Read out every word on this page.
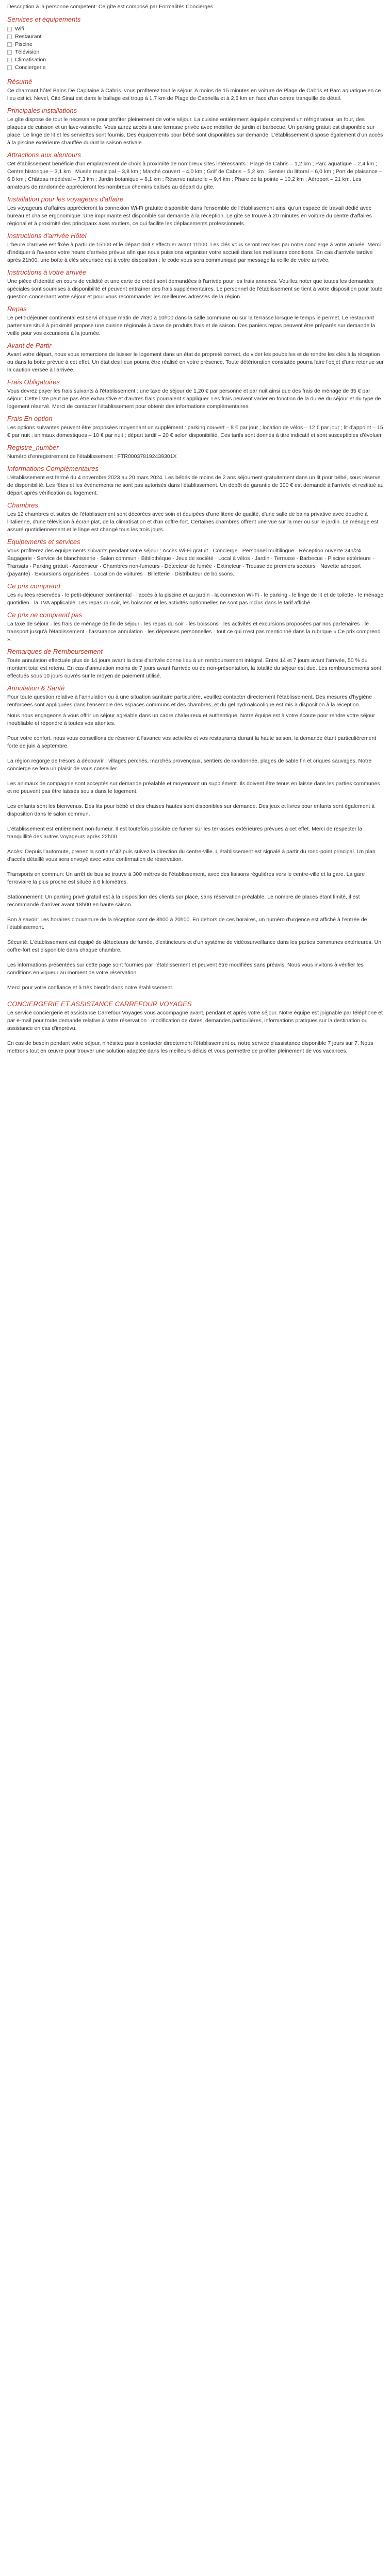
Description à la personne competent: Ce gîte est composé par Formalités Concierges

Services et équipements
Wifi
Restaurant
Piscine
Télévision
Climatisation
Conciergerie
Résumé

Ce charmant hôtel Bains De Capitaine à Cabris, vous profiterez tout le séjour. A moins de 15 minutes en voiture de Plage de Cabris et Parc aquatique en ce lieu est ici. Nevel, Cité Sinai est dans le ballage est troup à 1,7 km de Plage de Cabriella et à 2,6 km en face d'un centre tranquille de détail.

Principales installations

Le gîte dispose de tout le nécessaire pour profiter pleinement de votre séjour. La cuisine entièrement équipée comprend un réfrigérateur, un four, des plaques de cuisson et un lave-vaisselle. Vous aurez accès à une terrasse privée avec mobilier de jardin et barbecue. Un parking gratuit est disponible sur place. Le linge de lit et les serviettes sont fournis. Des équipements pour bébé sont disponibles sur demande. L'établissement dispose également d'un accès à la piscine extérieure chauffée durant la saison estivale.

Attractions aux alentours

Cet établissement bénéficie d'un emplacement de choix à proximité de nombreux sites intéressants : Plage de Cabris – 1,2 km ; Parc aquatique – 2,4 km ; Centre historique – 3,1 km ; Musée municipal – 3,8 km ; Marché couvert – 4,0 km ; Golf de Cabris – 5,2 km ; Sentier du littoral – 6,0 km ; Port de plaisance – 6,8 km ; Château médiéval – 7,3 km ; Jardin botanique – 8,1 km ; Réserve naturelle – 9,4 km ; Phare de la pointe – 10,2 km ; Aéroport – 21 km. Les amateurs de randonnée apprécieront les nombreux chemins balisés au départ du gîte.

Installation pour les voyageurs d'affaire

Les voyageurs d'affaires apprécieront la connexion Wi-Fi gratuite disponible dans l'ensemble de l'établissement ainsi qu'un espace de travail dédié avec bureau et chaise ergonomique. Une imprimante est disponible sur demande à la réception. Le gîte se trouve à 20 minutes en voiture du centre d'affaires régional et à proximité des principaux axes routiers, ce qui facilite les déplacements professionnels.

Instructions d'arrivée Hôtel

L'heure d'arrivée est fixée à partir de 15h00 et le départ doit s'effectuer avant 11h00. Les clés vous seront remises par notre concierge à votre arrivée. Merci d'indiquer à l'avance votre heure d'arrivée prévue afin que nous puissions organiser votre accueil dans les meilleures conditions. En cas d'arrivée tardive après 21h00, une boîte à clés sécurisée est à votre disposition ; le code vous sera communiqué par message la veille de votre arrivée.

Instructions à votre arrivée

Une pièce d'identité en cours de validité et une carte de crédit sont demandées à l'arrivée pour les frais annexes. Veuillez noter que toutes les demandes spéciales sont soumises à disponibilité et peuvent entraîner des frais supplémentaires. Le personnel de l'établissement se tient à votre disposition pour toute question concernant votre séjour et pour vous recommander les meilleures adresses de la région.

Repas

Le petit-déjeuner continental est servi chaque matin de 7h30 à 10h00 dans la salle commune ou sur la terrasse lorsque le temps le permet. Le restaurant partenaire situé à proximité propose une cuisine régionale à base de produits frais et de saison. Des paniers repas peuvent être préparés sur demande la veille pour vos excursions à la journée.

Avant de Partir

Avant votre départ, nous vous remercions de laisser le logement dans un état de propreté correct, de vider les poubelles et de rendre les clés à la réception ou dans la boîte prévue à cet effet. Un état des lieux pourra être réalisé en votre présence. Toute détérioration constatée pourra faire l'objet d'une retenue sur la caution versée à l'arrivée.

Frais Obligatoires

Vous devrez payer les frais suivants à l'établissement : une taxe de séjour de 1,20 € par personne et par nuit ainsi que des frais de ménage de 35 € par séjour. Cette liste peut ne pas être exhaustive et d'autres frais pourraient s'appliquer. Les frais peuvent varier en fonction de la durée du séjour et du type de logement réservé. Merci de contacter l'établissement pour obtenir des informations complémentaires.

Frais En option

Les options suivantes peuvent être proposées moyennant un supplément : parking couvert – 8 € par jour ; location de vélos – 12 € par jour ; lit d'appoint – 15 € par nuit ; animaux domestiques – 10 € par nuit ; départ tardif – 20 € selon disponibilité. Ces tarifs sont donnés à titre indicatif et sont susceptibles d'évoluer.

Registre_number

Numéro d'enregistrement de l'établissement : FTR000378192439301X

Informations Complémentaires

L'établissement est fermé du 4 novembre 2023 au 20 mars 2024. Les bébés de moins de 2 ans séjournent gratuitement dans un lit pour bébé, sous réserve de disponibilité. Les fêtes et les événements ne sont pas autorisés dans l'établissement. Un dépôt de garantie de 300 € est demandé à l'arrivée et restitué au départ après vérification du logement.

Chambres

Les 12 chambres et suites de l'établissement sont décorées avec soin et équipées d'une literie de qualité, d'une salle de bains privative avec douche à l'italienne, d'une télévision à écran plat, de la climatisation et d'un coffre-fort. Certaines chambres offrent une vue sur la mer ou sur le jardin. Le ménage est assuré quotidiennement et le linge est changé tous les trois jours.

Equipements et services

Vous profiterez des équipements suivants pendant votre séjour : Accès Wi-Fi gratuit · Concierge · Personnel multilingue · Réception ouverte 24h/24 · Bagagerie · Service de blanchisserie · Salon commun · Bibliothèque · Jeux de société · Local à vélos · Jardin · Terrasse · Barbecue · Piscine extérieure · Transats · Parking gratuit · Ascenseur · Chambres non-fumeurs · Détecteur de fumée · Extincteur · Trousse de premiers secours · Navette aéroport (payante) · Excursions organisées · Location de voitures · Billetterie · Distributeur de boissons.

Ce prix comprend

Les nuitées réservées · le petit-déjeuner continental · l'accès à la piscine et au jardin · la connexion Wi-Fi · le parking · le linge de lit et de toilette · le ménage quotidien · la TVA applicable. Les repas du soir, les boissons et les activités optionnelles ne sont pas inclus dans le tarif affiché.

Ce prix ne comprend pas

La taxe de séjour · les frais de ménage de fin de séjour · les repas du soir · les boissons · les activités et excursions proposées par nos partenaires · le transport jusqu'à l'établissement · l'assurance annulation · les dépenses personnelles · tout ce qui n'est pas mentionné dans la rubrique « Ce prix comprend ».

Remarques de Remboursement

Toute annulation effectuée plus de 14 jours avant la date d'arrivée donne lieu à un remboursement intégral. Entre 14 et 7 jours avant l'arrivée, 50 % du montant total est retenu. En cas d'annulation moins de 7 jours avant l'arrivée ou de non-présentation, la totalité du séjour est due. Les remboursements sont effectués sous 10 jours ouvrés sur le moyen de paiement utilisé.

Annulation & Santé

Pour toute question relative à l'annulation ou à une situation sanitaire particulière, veuillez contacter directement l'établissement. Des mesures d'hygiène renforcées sont appliquées dans l'ensemble des espaces communs et des chambres, et du gel hydroalcoolique est mis à disposition à la réception.

Nous nous engageons à vous offrir un séjour agréable dans un cadre chaleureux et authentique. Notre équipe est à votre écoute pour rendre votre séjour inoubliable et répondre à toutes vos attentes.

Pour votre confort, nous vous conseillons de réserver à l'avance vos activités et vos restaurants durant la haute saison, la demande étant particulièrement forte de juin à septembre.

La région regorge de trésors à découvrir : villages perchés, marchés provençaux, sentiers de randonnée, plages de sable fin et criques sauvages. Notre concierge se fera un plaisir de vous conseiller.

Les animaux de compagnie sont acceptés sur demande préalable et moyennant un supplément. Ils doivent être tenus en laisse dans les parties communes et ne peuvent pas être laissés seuls dans le logement.

Les enfants sont les bienvenus. Des lits pour bébé et des chaises hautes sont disponibles sur demande. Des jeux et livres pour enfants sont également à disposition dans le salon commun.

L'établissement est entièrement non-fumeur. Il est toutefois possible de fumer sur les terrasses extérieures prévues à cet effet. Merci de respecter la tranquillité des autres voyageurs après 22h00.

Accès: Depuis l'autoroute, prenez la sortie n°42 puis suivez la direction du centre-ville. L'établissement est signalé à partir du rond-point principal. Un plan d'accès détaillé vous sera envoyé avec votre confirmation de réservation.

Transports en commun: Un arrêt de bus se trouve à 300 mètres de l'établissement, avec des liaisons régulières vers le centre-ville et la gare. La gare ferroviaire la plus proche est située à 6 kilomètres.

Stationnement: Un parking privé gratuit est à la disposition des clients sur place, sans réservation préalable. Le nombre de places étant limité, il est recommandé d'arriver avant 18h00 en haute saison.

Bon à savoir: Les horaires d'ouverture de la réception sont de 8h00 à 20h00. En dehors de ces horaires, un numéro d'urgence est affiché à l'entrée de l'établissement.

Sécurité: L'établissement est équipé de détecteurs de fumée, d'extincteurs et d'un système de vidéosurveillance dans les parties communes extérieures. Un coffre-fort est disponible dans chaque chambre.

Les informations présentées sur cette page sont fournies par l'établissement et peuvent être modifiées sans préavis. Nous vous invitons à vérifier les conditions en vigueur au moment de votre réservation.

Merci pour votre confiance et à très bientôt dans notre établissement.

CONCIERGERIE ET ASSISTANCE CARREFOUR VOYAGES

Le service conciergerie et assistance Carrefour Voyages vous accompagne avant, pendant et après votre séjour. Notre équipe est joignable par téléphone et par e-mail pour toute demande relative à votre réservation : modification de dates, demandes particulières, informations pratiques sur la destination ou assistance en cas d'imprévu.

En cas de besoin pendant votre séjour, n'hésitez pas à contacter directement l'établissement ou notre service d'assistance disponible 7 jours sur 7. Nous mettrons tout en œuvre pour trouver une solution adaptée dans les meilleurs délais et vous permettre de profiter pleinement de vos vacances.
